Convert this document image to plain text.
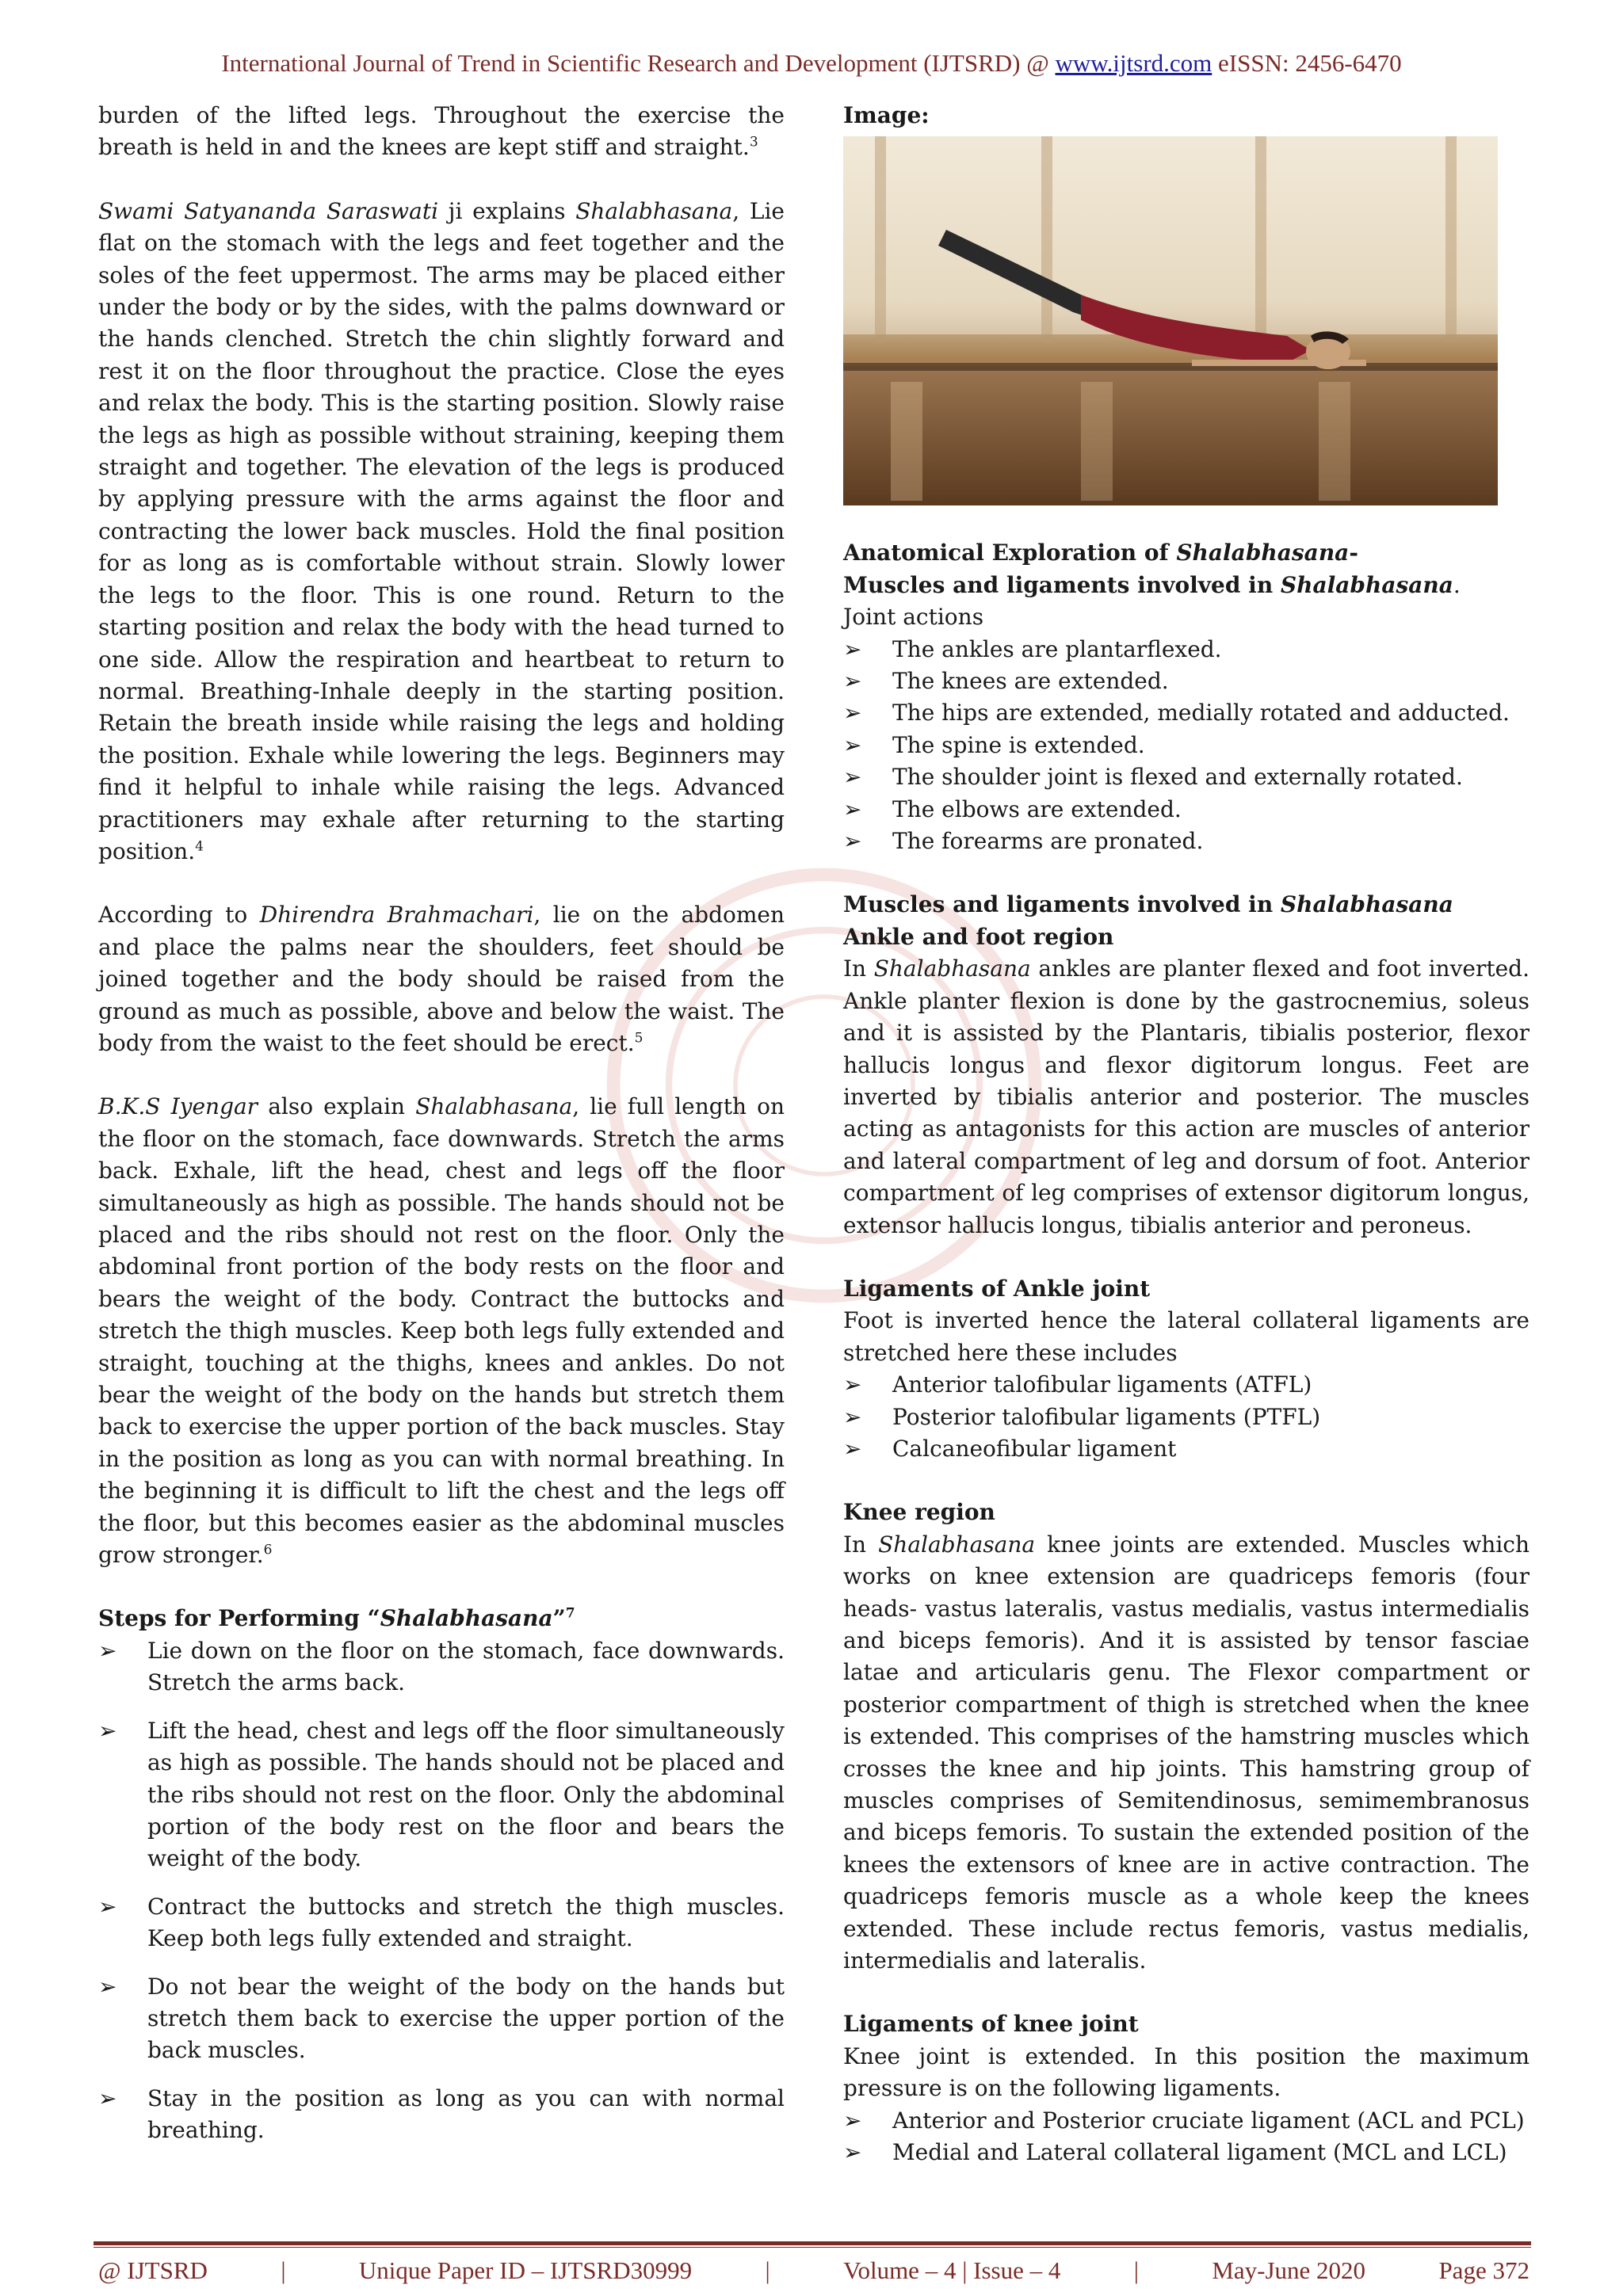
International Journal of Trend in Scientific Research and Development (IJTSRD) @ www.ijtsrd.com eISSN: 2456-6470

burden of the lifted legs. Throughout the exercise the breath is held in and the knees are kept stiff and straight.$^3$

Swami Satyananda Saraswati ji explains Shalabhasana, Lie flat on the stomach with the legs and feet together and the soles of the feet uppermost. The arms may be placed either under the body or by the sides, with the palms downward or the hands clenched. Stretch the chin slightly forward and rest it on the floor throughout the practice. Close the eyes and relax the body. This is the starting position. Slowly raise the legs as high as possible without straining, keeping them straight and together. The elevation of the legs is produced by applying pressure with the arms against the floor and contracting the lower back muscles. Hold the final position for as long as is comfortable without strain. Slowly lower the legs to the floor. This is one round. Return to the starting position and relax the body with the head turned to one side. Allow the respiration and heartbeat to return to normal. Breathing-Inhale deeply in the starting position. Retain the breath inside while raising the legs and holding the position. Exhale while lowering the legs. Beginners may find it helpful to inhale while raising the legs. Advanced practitioners may exhale after returning to the starting position.$^4$

According to Dhirendra Brahmachari, lie on the abdomen and place the palms near the shoulders, feet should be joined together and the body should be raised from the ground as much as possible, above and below the waist. The body from the waist to the feet should be erect.$^5$

B.K.S Iyengar also explain Shalabhasana, lie full length on the floor on the stomach, face downwards. Stretch the arms back. Exhale, lift the head, chest and legs off the floor simultaneously as high as possible. The hands should not be placed and the ribs should not rest on the floor. Only the abdominal front portion of the body rests on the floor and bears the weight of the body. Contract the buttocks and stretch the thigh muscles. Keep both legs fully extended and straight, touching at the thighs, knees and ankles. Do not bear the weight of the body on the hands but stretch them back to exercise the upper portion of the back muscles. Stay in the position as long as you can with normal breathing. In the beginning it is difficult to lift the chest and the legs off the floor, but this becomes easier as the abdominal muscles grow stronger.$^6$

Steps for Performing “Shalabhasana”$^7$
➢	Lie down on the floor on the stomach, face downwards. Stretch the arms back.
➢	Lift the head, chest and legs off the floor simultaneously as high as possible. The hands should not be placed and the ribs should not rest on the floor. Only the abdominal portion of the body rest on the floor and bears the weight of the body.
➢	Contract the buttocks and stretch the thigh muscles. Keep both legs fully extended and straight.
➢	Do not bear the weight of the body on the hands but stretch them back to exercise the upper portion of the back muscles.
➢	Stay in the position as long as you can with normal breathing.
Image:
Anatomical Exploration of Shalabhasana-
Muscles and ligaments involved in Shalabhasana.
Joint actions
➢	The ankles are plantarflexed.
➢	The knees are extended.
➢	The hips are extended, medially rotated and adducted.
➢	The spine is extended.
➢	The shoulder joint is flexed and externally rotated.
➢	The elbows are extended.
➢	The forearms are pronated.
Muscles and ligaments involved in Shalabhasana
Ankle and foot region

In Shalabhasana ankles are planter flexed and foot inverted. Ankle planter flexion is done by the gastrocnemius, soleus and it is assisted by the Plantaris, tibialis posterior, flexor hallucis longus and flexor digitorum longus. Feet are inverted by tibialis anterior and posterior. The muscles acting as antagonists for this action are muscles of anterior and lateral compartment of leg and dorsum of foot. Anterior compartment of leg comprises of extensor digitorum longus, extensor hallucis longus, tibialis anterior and peroneus.

Ligaments of Ankle joint

Foot is inverted hence the lateral collateral ligaments are stretched here these includes

➢	Anterior talofibular ligaments (ATFL)
➢	Posterior talofibular ligaments (PTFL)
➢	Calcaneofibular ligament
Knee region

In Shalabhasana knee joints are extended. Muscles which works on knee extension are quadriceps femoris (four heads- vastus lateralis, vastus medialis, vastus intermedialis and biceps femoris). And it is assisted by tensor fasciae latae and articularis genu. The Flexor compartment or posterior compartment of thigh is stretched when the knee is extended. This comprises of the hamstring muscles which crosses the knee and hip joints. This hamstring group of muscles comprises of Semitendinosus, semimembranosus and biceps femoris. To sustain the extended position of the knees the extensors of knee are in active contraction. The quadriceps femoris muscle as a whole keep the knees extended. These include rectus femoris, vastus medialis, intermedialis and lateralis.

Ligaments of knee joint

Knee joint is extended. In this position the maximum pressure is on the following ligaments.

➢	Anterior and Posterior cruciate ligament (ACL and PCL)
➢	Medial and Lateral collateral ligament (MCL and LCL)
@ IJTSRD	|	Unique Paper ID – IJTSRD30999	|	Volume – 4 | Issue – 4	|	May-June 2020	Page 372
